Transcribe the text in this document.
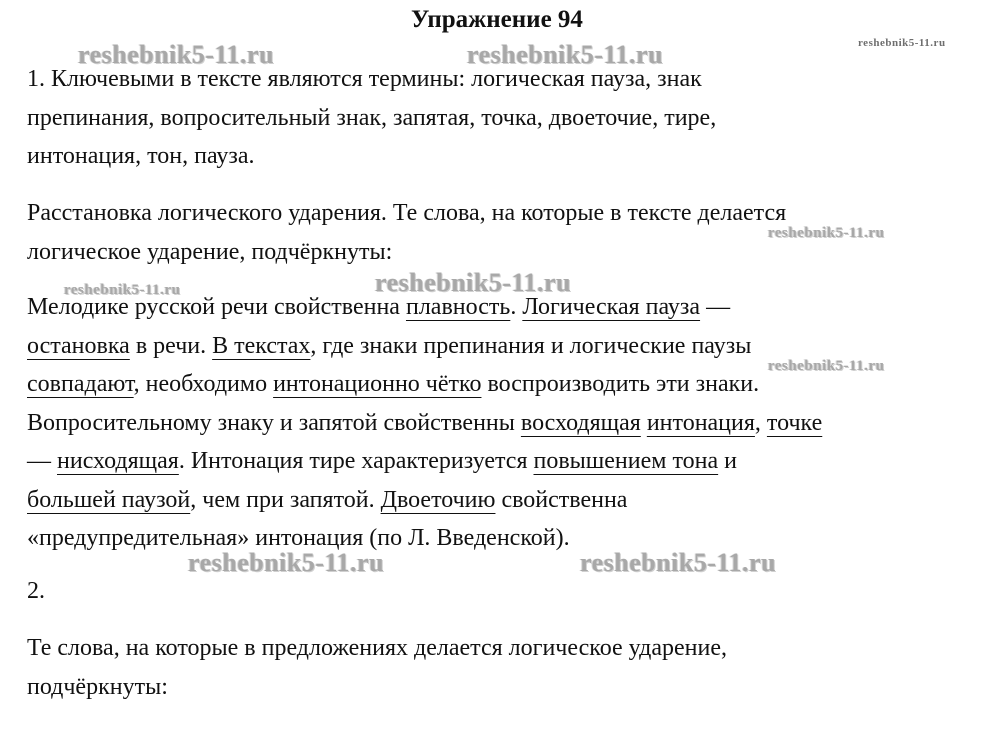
Упражнение 94
reshebnik5-11.ru	reshebnik5-11.ru	reshebnik5-11.ru
reshebnik5-11.ru
reshebnik5-11.ru	reshebnik5-11.ru
reshebnik5-11.ru
reshebnik5-11.ru	reshebnik5-11.ru
1. Ключевыми в тексте являются термины: логическая пауза, знак
препинания, вопросительный знак, запятая, точка, двоеточие, тире,
интонация, тон, пауза.
Расстановка логического ударения. Те слова, на которые в тексте делается
логическое ударение, подчёркнуты:
Мелодике русской речи свойственна плавность. Логическая пауза —
остановка в речи. В текстах, где знаки препинания и логические паузы
совпадают, необходимо интонационно чётко воспроизводить эти знаки.
Вопросительному знаку и запятой свойственны восходящая интонация, точке
— нисходящая. Интонация тире характеризуется повышением тона и
большей паузой, чем при запятой. Двоеточию свойственна
«предупредительная» интонация (по Л. Введенской).
2.
Те слова, на которые в предложениях делается логическое ударение,
подчёркнуты:
